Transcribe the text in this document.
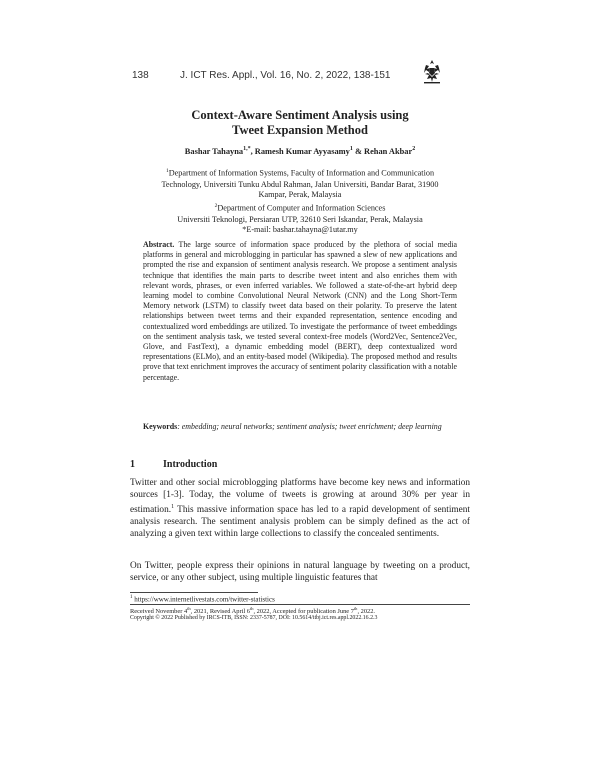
138	J. ICT Res. Appl., Vol. 16, No. 2, 2022, 138-151
Context-Aware Sentiment Analysis using
Tweet Expansion Method
Bashar Tahayna$^{1,*}$, Ramesh Kumar Ayyasamy$^1$ & Rehan Akbar$^2$
$^1$Department of Information Systems, Faculty of Information and Communication
Technology, Universiti Tunku Abdul Rahman, Jalan Universiti, Bandar Barat, 31900
Kampar, Perak, Malaysia
$^2$Department of Computer and Information Sciences
Universiti Teknologi, Persiaran UTP, 32610 Seri Iskandar, Perak, Malaysia
*E-mail: bashar.tahayna@1utar.my
Abstract. The large source of information space produced by the plethora of social media platforms in general and microblogging in particular has spawned a slew of new applications and prompted the rise and expansion of sentiment analysis research. We propose a sentiment analysis technique that identifies the main parts to describe tweet intent and also enriches them with relevant words, phrases, or even inferred variables. We followed a state-of-the-art hybrid deep learning model to combine Convolutional Neural Network (CNN) and the Long Short-Term Memory network (LSTM) to classify tweet data based on their polarity. To preserve the latent relationships between tweet terms and their expanded representation, sentence encoding and contextualized word embeddings are utilized. To investigate the performance of tweet embeddings on the sentiment analysis task, we tested several context-free models (Word2Vec, Sentence2Vec, Glove, and FastText), a dynamic embedding model (BERT), deep contextualized word representations (ELMo), and an entity-based model (Wikipedia). The proposed method and results prove that text enrichment improves the accuracy of sentiment polarity classification with a notable percentage.
Keywords: embedding; neural networks; sentiment analysis; tweet enrichment; deep learning
1	Introduction
Twitter and other social microblogging platforms have become key news and information sources [1-3]. Today, the volume of tweets is growing at around 30% per year in estimation.$^1$ This massive information space has led to a rapid development of sentiment analysis research. The sentiment analysis problem can be simply defined as the act of analyzing a given text within large collections to classify the concealed sentiments.
On Twitter, people express their opinions in natural language by tweeting on a product, service, or any other subject, using multiple linguistic features that
$^1$ https://www.internetlivestats.com/twitter-statistics
Received November 4th, 2021, Revised April 6th, 2022, Accepted for publication June 7th, 2022.
Copyright © 2022 Published by IRCS-ITB, ISSN: 2337-5787, DOI: 10.5614/itbj.ict.res.appl.2022.16.2.3
